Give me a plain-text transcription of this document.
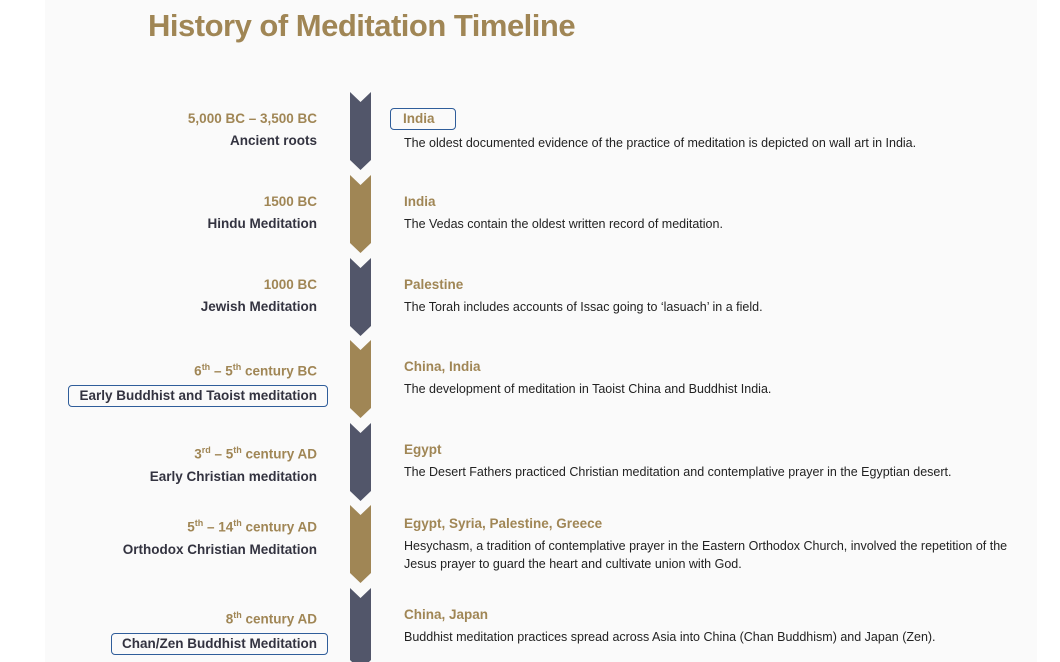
History of Meditation Timeline
5,000 BC – 3,500 BC
Ancient roots
India
The oldest documented evidence of the practice of meditation is depicted on wall art in India.
1500 BC
Hindu Meditation
India
The Vedas contain the oldest written record of meditation.
1000 BC
Jewish Meditation
Palestine
The Torah includes accounts of Issac going to ‘lasuach’ in a field.
6th – 5th century BC
Early Buddhist and Taoist meditation
China, India
The development of meditation in Taoist China and Buddhist India.
3rd – 5th century AD
Early Christian meditation
Egypt
The Desert Fathers practiced Christian meditation and contemplative prayer in the Egyptian desert.
5th – 14th century AD
Orthodox Christian Meditation
Egypt, Syria, Palestine, Greece
Hesychasm, a tradition of contemplative prayer in the Eastern Orthodox Church, involved the repetition of the Jesus prayer to guard the heart and cultivate union with God.
8th century AD
Chan/Zen Buddhist Meditation
China, Japan
Buddhist meditation practices spread across Asia into China (Chan Buddhism) and Japan (Zen).
